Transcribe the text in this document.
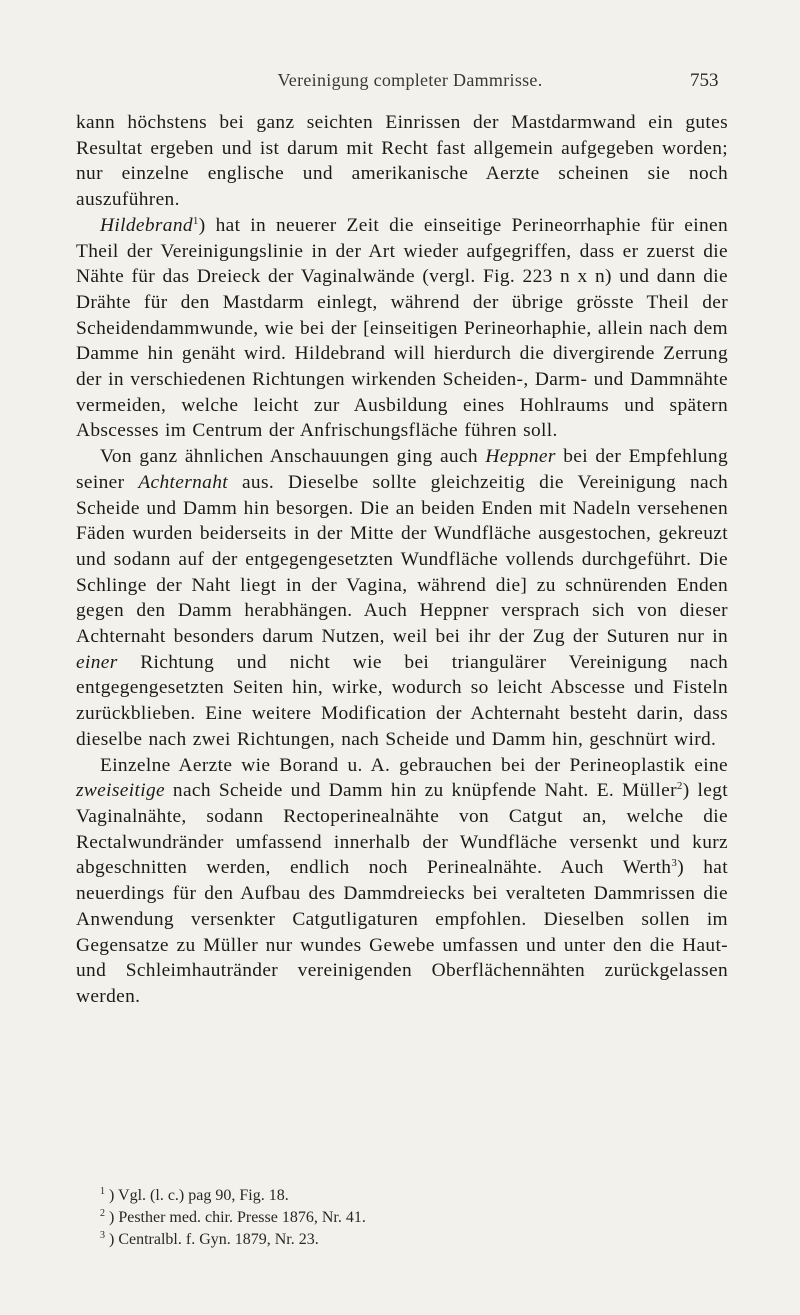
Vereinigung completer Dammrisse.	753

kann höchstens bei ganz seichten Einrissen der Mastdarmwand ein gutes Resultat ergeben und ist darum mit Recht fast allgemein aufgegeben worden; nur einzelne englische und amerikanische Aerzte scheinen sie noch auszuführen.

Hildebrand$^1$) hat in neuerer Zeit die einseitige Perineorrhaphie für einen Theil der Vereinigungslinie in der Art wieder aufgegriffen, dass er zuerst die Nähte für das Dreieck der Vaginalwände (vergl. Fig. 223 n x n) und dann die Drähte für den Mastdarm einlegt, während der übrige grösste Theil der Scheidendammwunde, wie bei der [einseitigen Perineorhaphie, allein nach dem Damme hin genäht wird. Hildebrand will hierdurch die divergirende Zerrung der in verschiedenen Richtungen wirkenden Scheiden-, Darm- und Dammnähte vermeiden, welche leicht zur Ausbildung eines Hohlraums und spätern Abscesses im Centrum der Anfrischungsfläche führen soll.

Von ganz ähnlichen Anschauungen ging auch Heppner bei der Empfehlung seiner Achternaht aus. Dieselbe sollte gleichzeitig die Vereinigung nach Scheide und Damm hin besorgen. Die an beiden Enden mit Nadeln versehenen Fäden wurden beiderseits in der Mitte der Wundfläche ausgestochen, gekreuzt und sodann auf der entgegengesetzten Wundfläche vollends durchgeführt. Die Schlinge der Naht liegt in der Vagina, während die] zu schnürenden Enden gegen den Damm herabhängen. Auch Heppner versprach sich von dieser Achternaht besonders darum Nutzen, weil bei ihr der Zug der Suturen nur in einer Richtung und nicht wie bei triangulärer Vereinigung nach entgegengesetzten Seiten hin, wirke, wodurch so leicht Abscesse und Fisteln zurückblieben. Eine weitere Modification der Achternaht besteht darin, dass dieselbe nach zwei Richtungen, nach Scheide und Damm hin, geschnürt wird.

Einzelne Aerzte wie Borand u. A. gebrauchen bei der Perineoplastik eine zweiseitige nach Scheide und Damm hin zu knüpfende Naht. E. Müller$^2$) legt Vaginalnähte, sodann Rectoperinealnähte von Catgut an, welche die Rectalwundränder umfassend innerhalb der Wundfläche versenkt und kurz abgeschnitten werden, endlich noch Perinealnähte. Auch Werth$^3$) hat neuerdings für den Aufbau des Dammdreiecks bei veralteten Dammrissen die Anwendung versenkter Catgutligaturen empfohlen. Dieselben sollen im Gegensatze zu Müller nur wundes Gewebe umfassen und unter den die Haut- und Schleimhautränder vereinigenden Oberflächennähten zurückgelassen werden.

$^1$ ) Vgl. (l. c.) pag 90, Fig. 18.
$^2$ ) Pesther med. chir. Presse 1876, Nr. 41.
$^3$ ) Centralbl. f. Gyn. 1879, Nr. 23.
